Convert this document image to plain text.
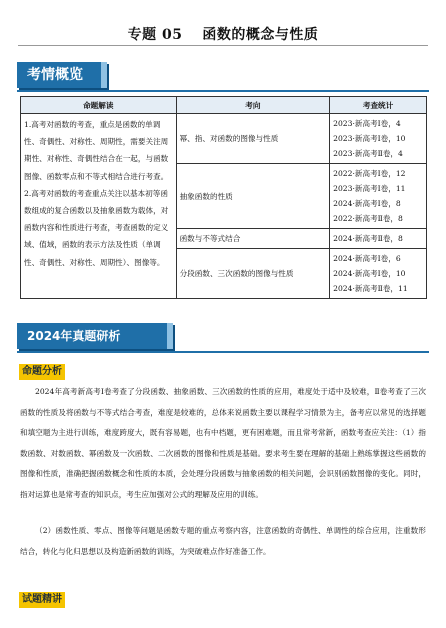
专题 05　 函数的概念与性质
考情概览
命题解读	考向	考查统计
1.高考对函数的考查，重点是函数的单调性、奇偶性、对称性、周期性，需要关注周期性、对称性、奇偶性结合在一起，与函数图像、函数零点和不等式相结合进行考查。2.高考对函数的考查重点关注以基本初等函数组成的复合函数以及抽象函数为载体，对函数内容和性质进行考查，考查函数的定义域、值域，函数的表示方法及性质（单调性、奇偶性、对称性、周期性）、图像等。	幂、指、对函数的图像与性质	2023·新高考Ⅰ卷，4
2023·新高考Ⅰ卷，10
2023·新高考Ⅱ卷，4

	抽象函数的性质	2022·新高考Ⅰ卷，12
2023·新高考Ⅰ卷，11
2024·新高考Ⅰ卷，8
2022·新高考Ⅱ卷，8

	函数与不等式结合	2024·新高考Ⅱ卷，8

	分段函数、三次函数的图像与性质	2024·新高考Ⅰ卷，6
2024·新高考Ⅰ卷，10
2024·新高考Ⅱ卷，11
2024年真题研析
命题分析

2024年高考新高考Ⅰ卷考查了分段函数、抽象函数、三次函数的性质的应用，难度处于适中及较难，Ⅱ卷考查了三次函数的性质及将函数与不等式结合考查，难度是较难的，总体来说函数主要以课程学习情景为主，备考应以常见的选择题和填空题为主进行训练，难度跨度大，既有容易题，也有中档题，更有困难题，而且常考常新，函数考查应关注：（1）指数函数、对数函数、幂函数及一次函数、二次函数的图像和性质是基础。要求考生要在理解的基础上熟练掌握这些函数的图像和性质，准确把握函数概念和性质的本质，会处理分段函数与抽象函数的相关问题，会识别函数图像的变化。同时，指对运算也是常考查的知识点，考生应加强对公式的理解及应用的训练。

（2）函数性质、零点、图像等问题是函数专题的重点考察内容，注意函数的奇偶性、单调性的综合应用，注重数形结合，转化与化归思想以及构造新函数的训练，为突破难点作好准备工作。

试题精讲
